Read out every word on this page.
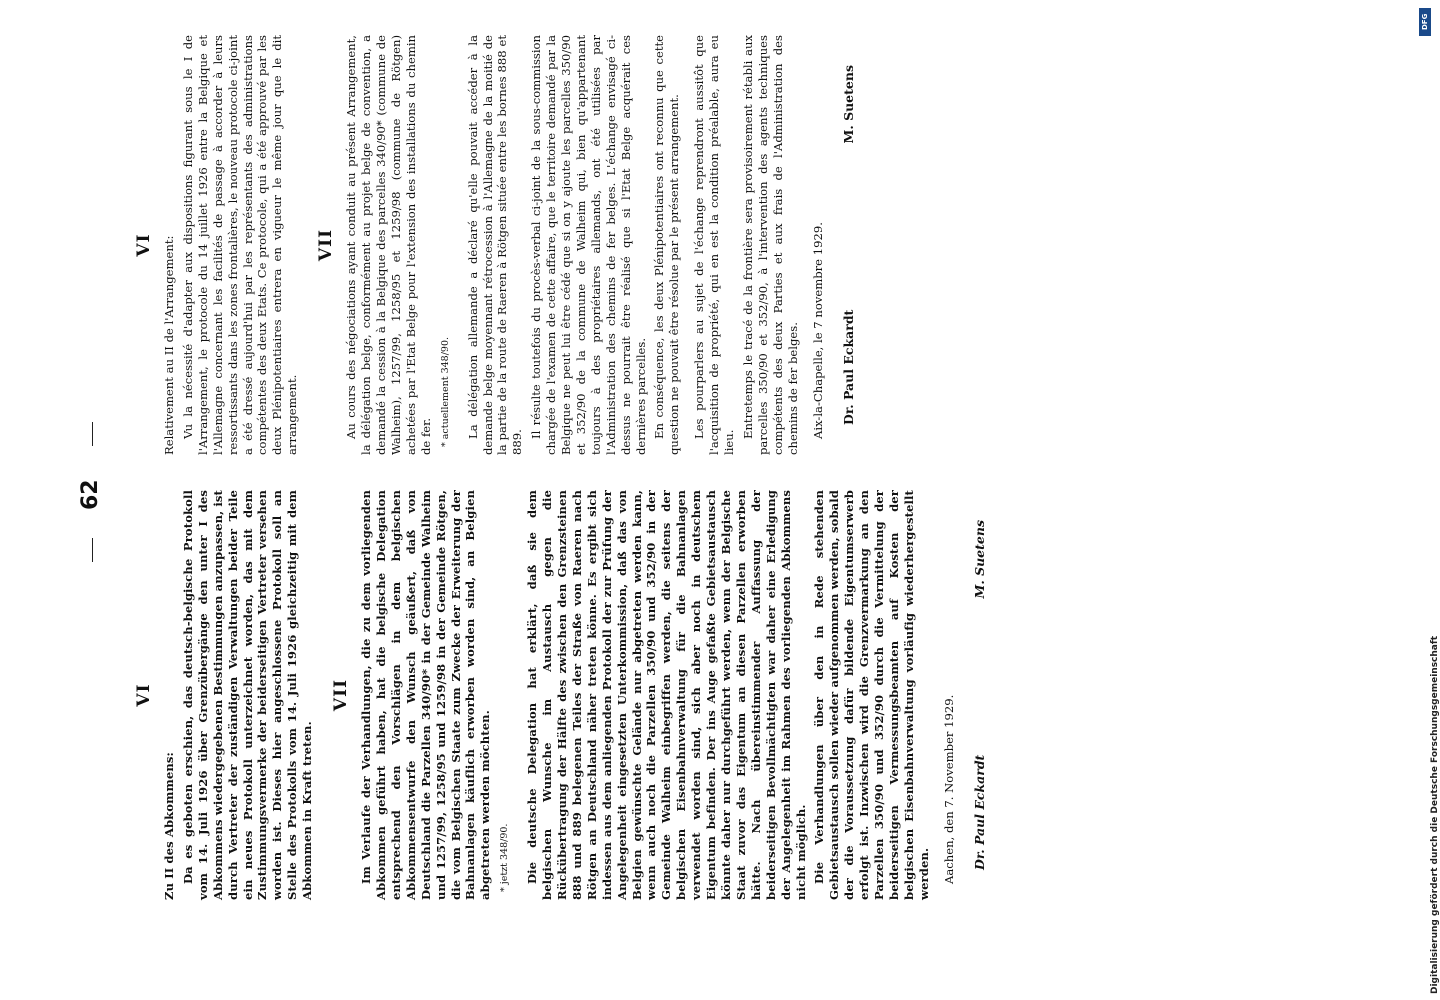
62
VI

Zu II des Abkommens: Da es geboten erschien, das deutsch-belgische Protokoll vom 14. Juli 1926 über Grenzübergänge den unter I des Abkommens wiedergegebenen Bestimmungen anzupassen, ist durch Vertreter der zuständigen Verwaltungen beider Teile ein neues Protokoll unterzeichnet worden, das mit dem Zustimmungsvermerke der beiderseitigen Vertreter versehen worden ist. Dieses hier angeschlossene Protokoll soll an Stelle des Protokolls vom 14. Juli 1926 gleichzeitig mit dem Abkommen in Kraft treten.

VII Im Verlaufe der Verhandlungen, die zu dem vorliegenden Abkommen geführt haben, hat die belgische Delegation entsprechend den Vorschlägen in dem belgischen Abkommensentwurfe den Wunsch geäußert, daß von Deutschland die Parzellen 340/90* in der Gemeinde Walheim und 1257/99, 1258/95 und 1259/98 in der Gemeinde Rötgen, die vom Belgischen Staate zum Zwecke der Erweiterung der Bahnanlagen käuflich erworben worden sind, an Belgien abgetreten werden möchten. * jetzt 348/90. Die deutsche Delegation hat erklärt, daß sie dem belgischen Wunsche im Austausch gegen die Rückübertragung der Hälfte des zwischen den Grenzsteinen 888 und 889 belegenen Teiles der Straße von Raeren nach Rötgen an Deutschland näher treten könne. Es ergibt sich indessen aus dem anliegenden Protokoll der zur Prüfung der Angelegenheit eingesetzten Unterkommission, daß das von Belgien gewünschte Gelände nur abgetreten werden kann, wenn auch noch die Parzellen 350/90 und 352/90 in der Gemeinde Walheim einbegriffen werden, die seitens der belgischen Eisenbahnverwaltung für die Bahnanlagen verwendet worden sind, sich aber noch in deutschem Eigentum befinden. Der ins Auge gefaßte Gebietsaustausch könnte daher nur durchgeführt werden, wenn der Belgische Staat zuvor das Eigentum an diesen Parzellen erworben hätte. Nach übereinstimmender Auffassung der beiderseitigen Bevollmächtigten war daher eine Erledigung der Angelegenheit im Rahmen des vorliegenden Abkommens nicht möglich. Die Verhandlungen über den in Rede stehenden Gebietsaustausch sollen wieder aufgenommen werden, sobald der die Voraussetzung dafür bildende Eigentumserwerb erfolgt ist. Inzwischen wird die Grenzvermarkung an den Parzellen 350/90 und 352/90 durch die Vermittelung der beiderseitigen Vermessungsbeamten auf Kosten der belgischen Eisenbahnverwaltung vorläufig wiederhergestellt werden. Aachen, den 7. November 1929. Dr. Paul Eckardt
M. Suetens
VI Relativement au II de l'Arrangement: Vu la nécessité d'adapter aux dispositions figurant sous le I de l'Arrangement, le protocole du 14 juillet 1926 entre la Belgique et l'Allemagne concernant les facilités de passage à accorder à leurs ressortissants dans les zones frontalières, le nouveau protocole ci-joint a été dressé aujourd'hui par les représentants des administrations compétentes des deux Etats. Ce protocole, qui a été approuvé par les deux Plénipotentiaires entrera en vigueur le même jour que le dit arrangement.

VII Au cours des négociations ayant conduit au présent Arrangement, la délégation belge, conformément au projet belge de convention, a demandé la cession à la Belgique des parcelles 340/90* (commune de Walheim), 1257/99, 1258/95 et 1259/98 (commune de Rötgen) achetées par l'Etat Belge pour l'extension des installations du chemin de fer. * actuellement 348/90. La délégation allemande a déclaré qu'elle pouvait accéder à la demande belge moyennant rétrocession à l'Allemagne de la moitié de la partie de la route de Raeren à Rötgen située entre les bornes 888 et 889.

Il résulte toutefois du procès-verbal ci-joint de la sous-commission chargée de l'examen de cette affaire, que le territoire demandé par la Belgique ne peut lui être cédé que si on y ajoute les parcelles 350/90 et 352/90 de la commune de Walheim qui, bien qu'appartenant toujours à des propriétaires allemands, ont été utilisées par l'Administration des chemins de fer belges. L'échange envisagé ci-dessus ne pourrait être réalisé que si l'Etat Belge acquérait ces dernières parcelles. En conséquence, les deux Plénipotentiaires ont reconnu que cette question ne pouvait être résolue par le présent arrangement. Les pourparlers au sujet de l'échange reprendront aussitôt que l'acquisition de propriété, qui en est la condition préalable, aura eu lieu.

Entretemps le tracé de la frontière sera provisoirement rétabli aux parcelles 350/90 et 352/90, à l'intervention des agents techniques compétents des deux Parties et aux frais de l'Administration des chemins de fer belges. Aix-la-Chapelle, le 7 novembre 1929. Dr. Paul Eckardt
M. Suetens
DFG
Digitalisierung gefördert durch die Deutsche Forschungsgemeinschaft
